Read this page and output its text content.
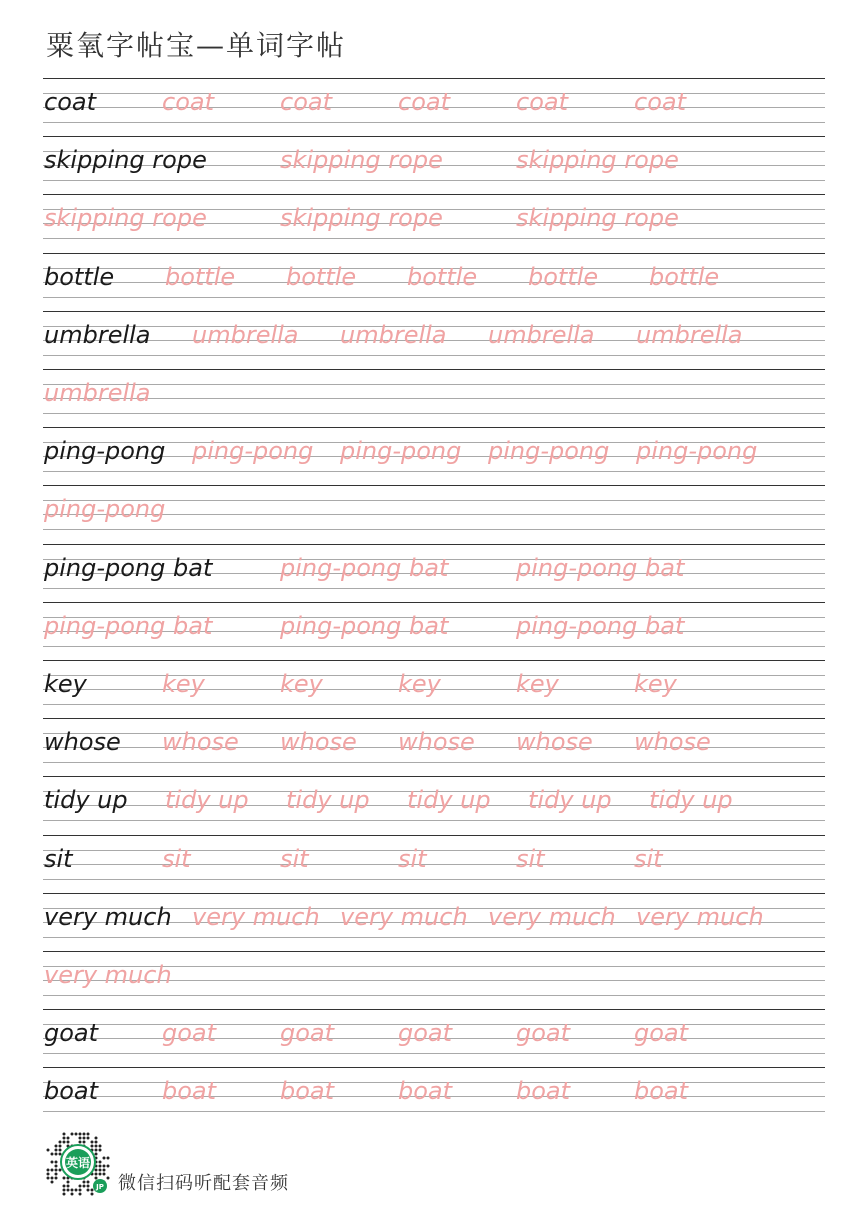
粟氧字帖宝—单词字帖
coat	coat	coat	coat	coat	coat
skipping rope	skipping rope	skipping rope
skipping rope	skipping rope	skipping rope
bottle bottle bottle bottle bottle bottle
umbrella umbrella umbrella umbrella umbrella
umbrella
ping-pong ping-pong ping-pong ping-pong ping-pong
ping-pong
ping-pong bat	ping-pong bat	ping-pong bat
ping-pong bat	ping-pong bat	ping-pong bat
key	key	key	key	key	key
whose whose whose whose whose whose
tidy up tidy up tidy up tidy up tidy up tidy up
sit	sit	sit	sit	sit	sit
very much very much very much very much very much
very much
goat	goat	goat	goat	goat	goat
boat	boat	boat	boat	boat	boat
英语
JP 微信扫码听配套音频
